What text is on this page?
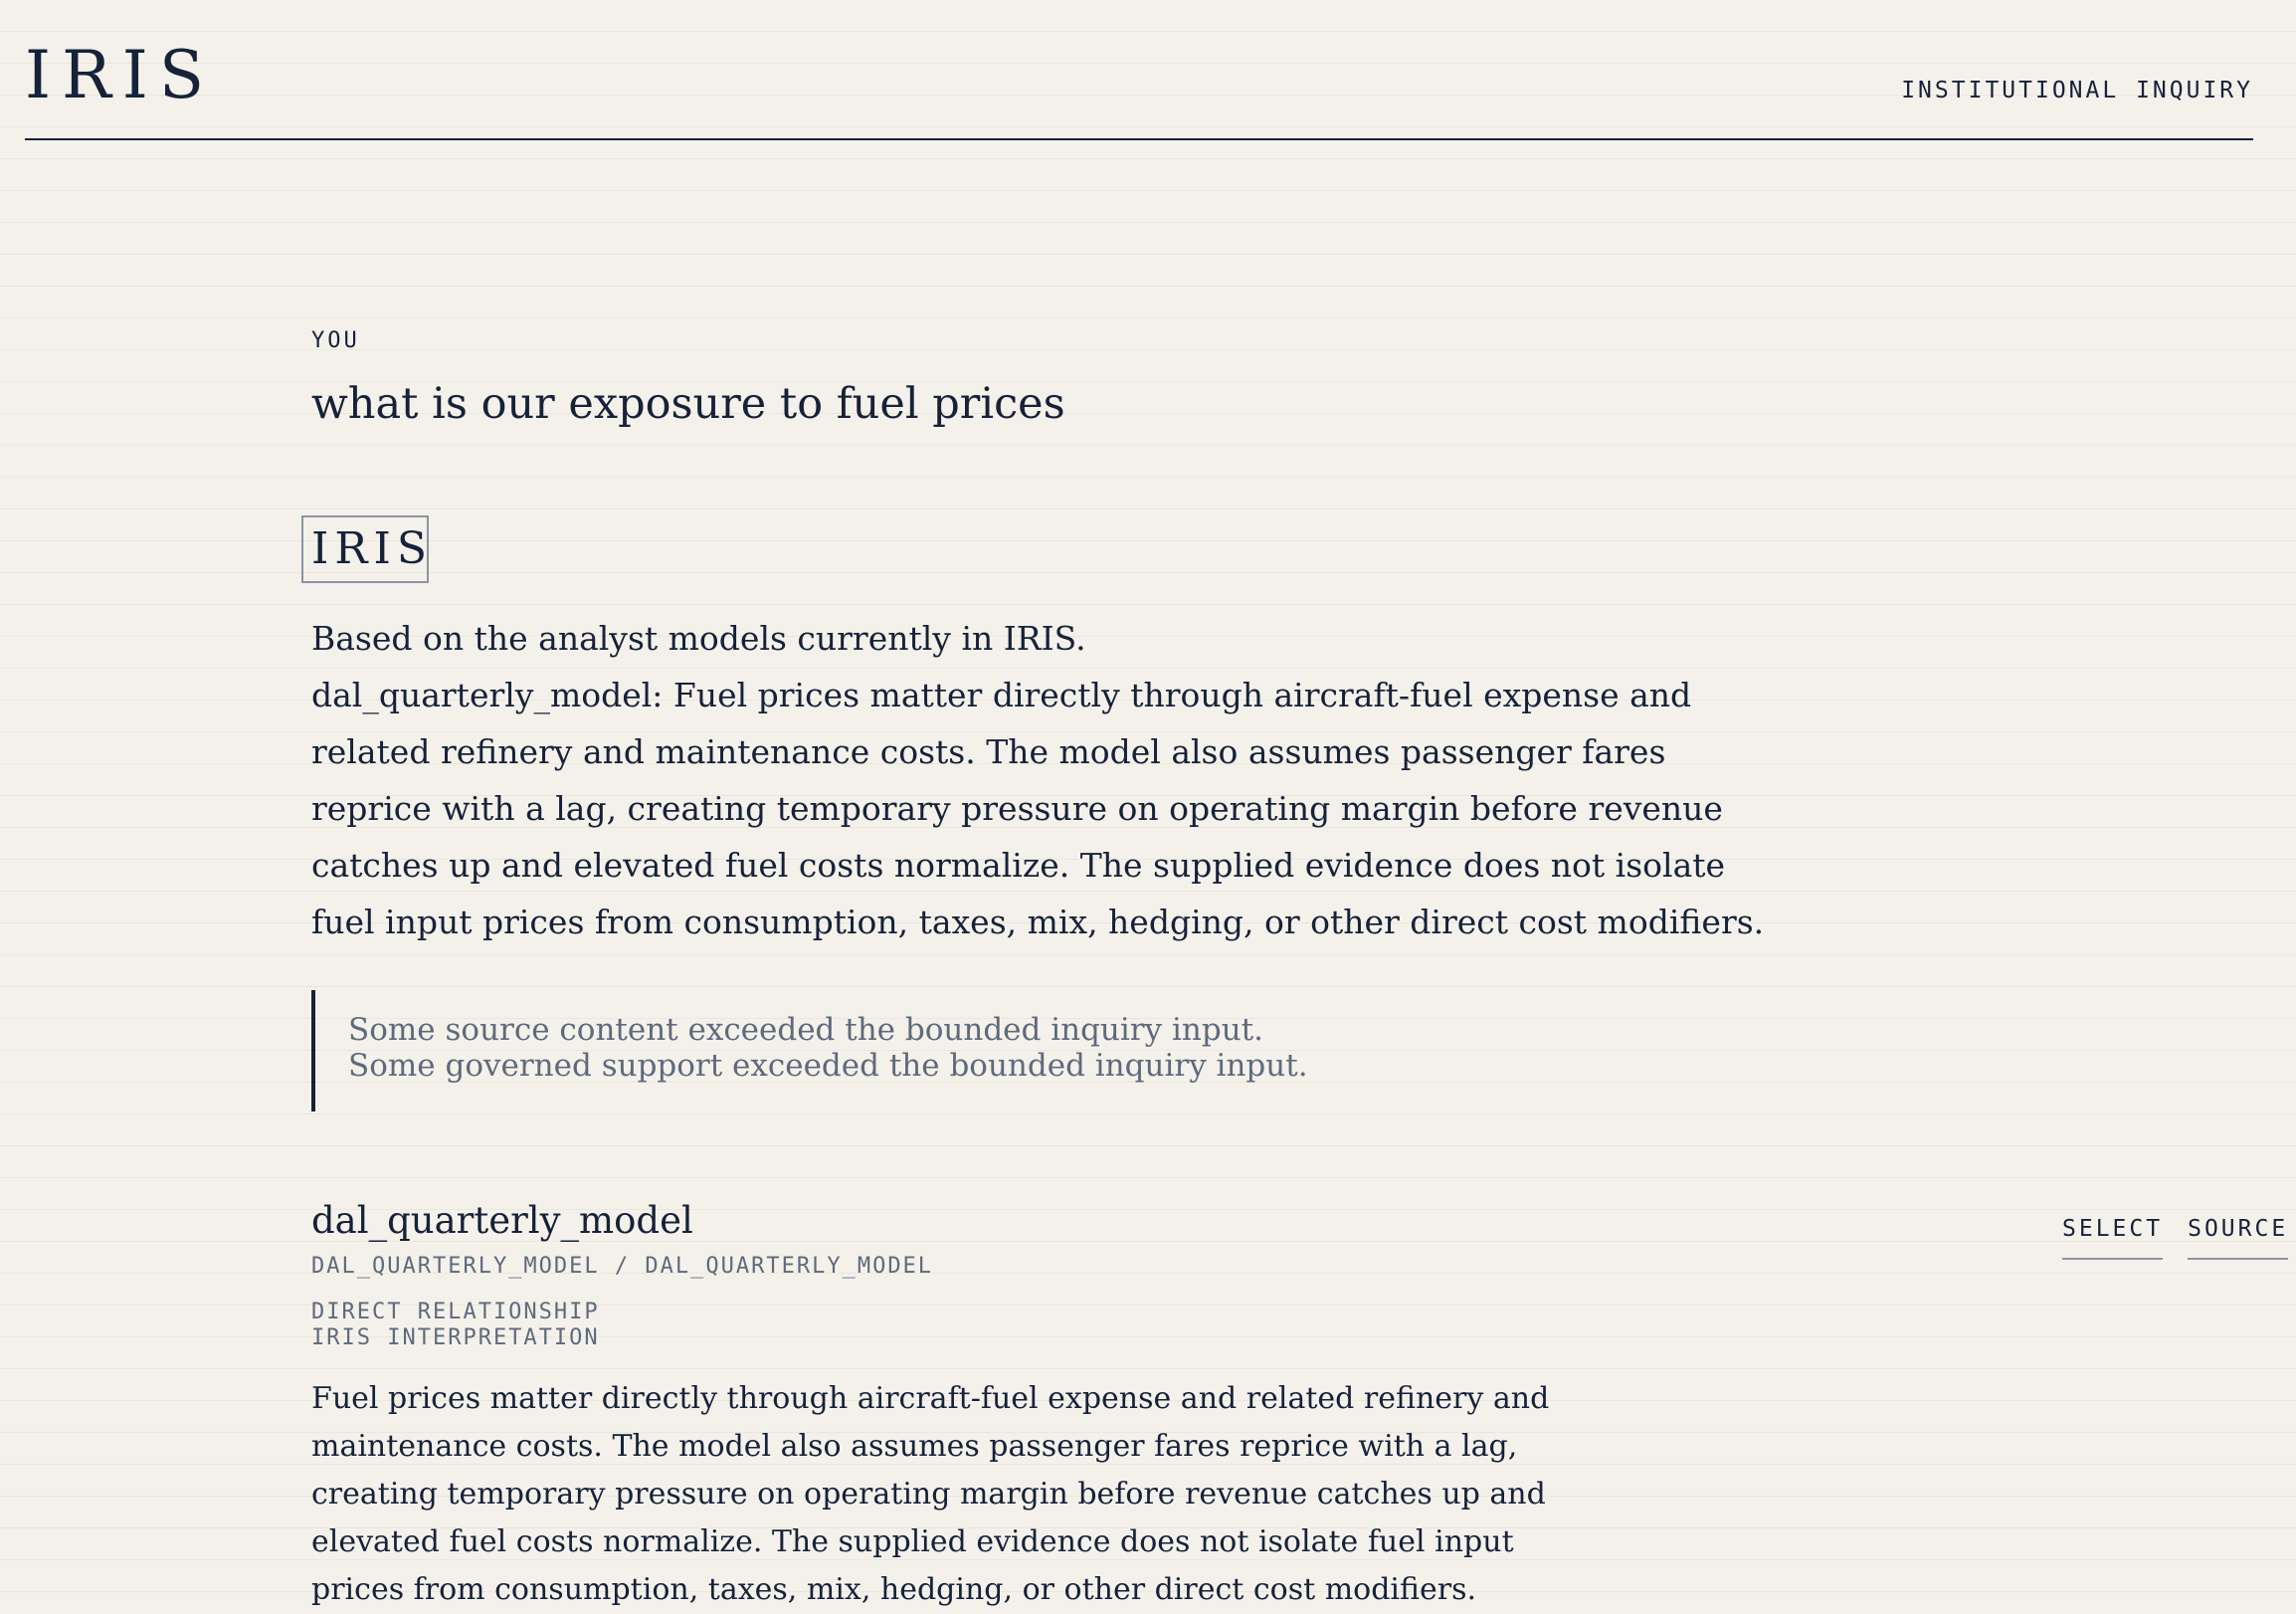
IRIS	INSTITUTIONAL INQUIRY
YOU
what is our exposure to fuel prices
IRIS

Based on the analyst models currently in IRIS.

dal_quarterly_model: Fuel prices matter directly through aircraft-fuel expense and related refinery and maintenance costs. The model also assumes passenger fares reprice with a lag, creating temporary pressure on operating margin before revenue catches up and elevated fuel costs normalize. The supplied evidence does not isolate fuel input prices from consumption, taxes, mix, hedging, or other direct cost modifiers.

Some source content exceeded the bounded inquiry input.
Some governed support exceeded the bounded inquiry input.
dal_quarterly_model
DAL_QUARTERLY_MODEL / DAL_QUARTERLY_MODEL
DIRECT RELATIONSHIP
IRIS INTERPRETATION
Fuel prices matter directly through aircraft-fuel expense and related refinery and maintenance costs. The model also assumes passenger fares reprice with a lag, creating temporary pressure on operating margin before revenue catches up and elevated fuel costs normalize. The supplied evidence does not isolate fuel input prices from consumption, taxes, mix, hedging, or other direct cost modifiers.
SELECT SOURCE
